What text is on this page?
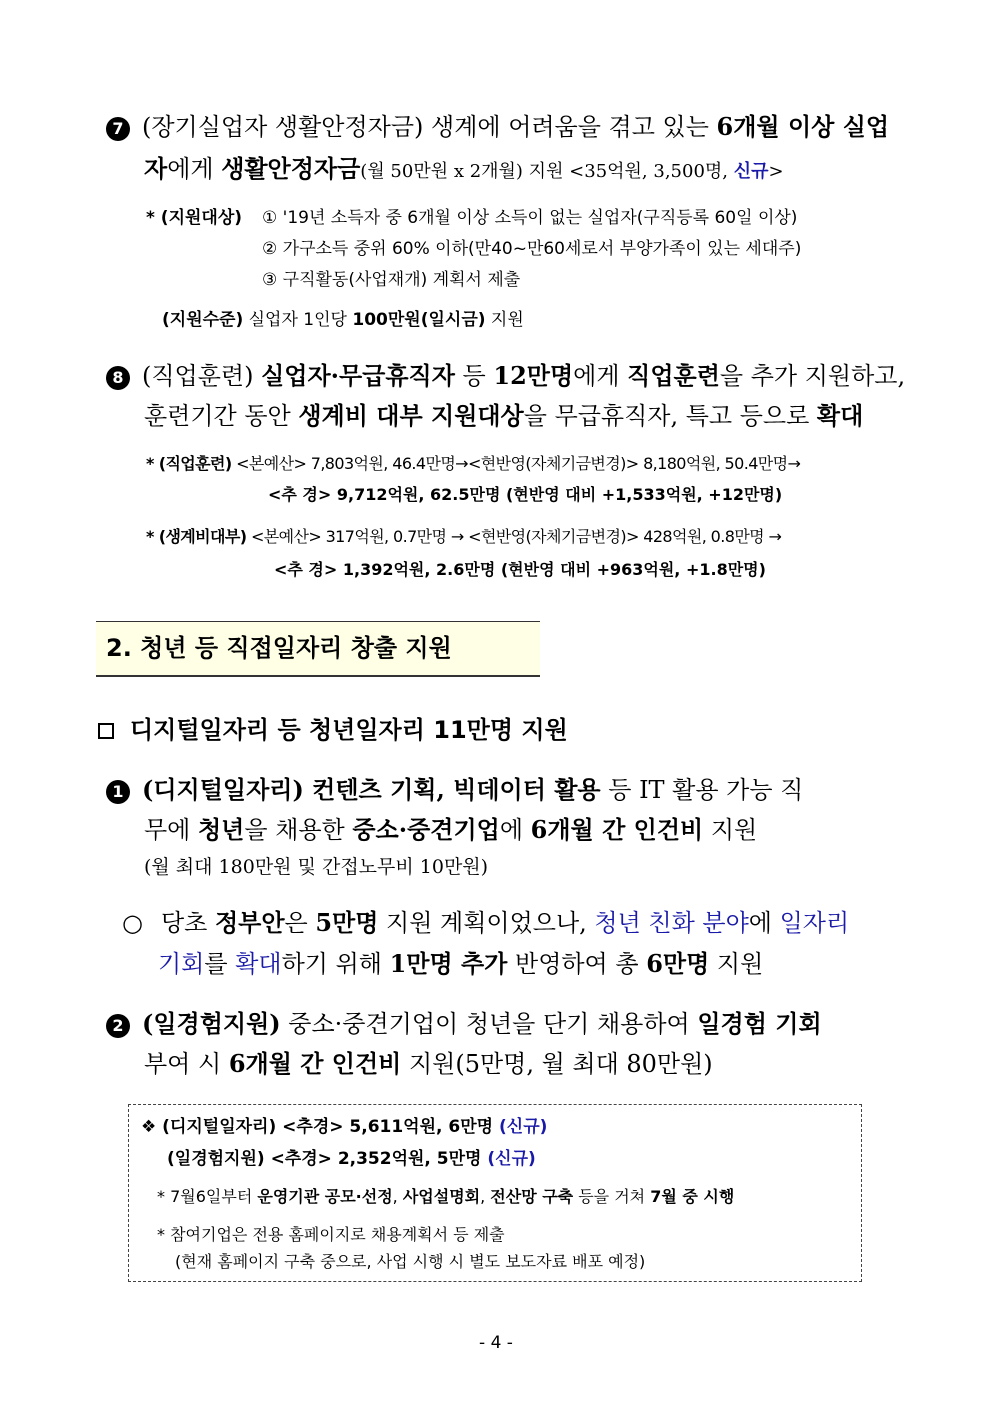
7 (장기실업자 생활안정자금) 생계에 어려움을 겪고 있는 6개월 이상 실업
자에게 생활안정자금(월 50만원 x 2개월) 지원 <35억원, 3,500명, 신규>
* (지원대상) ① '19년 소득자 중 6개월 이상 소득이 없는 실업자(구직등록 60일 이상)
② 가구소득 중위 60% 이하(만40~만60세로서 부양가족이 있는 세대주)
③ 구직활동(사업재개) 계획서 제출
(지원수준) 실업자 1인당 100만원(일시금) 지원
8 (직업훈련) 실업자·무급휴직자 등 12만명에게 직업훈련을 추가 지원하고,
훈련기간 동안 생계비 대부 지원대상을 무급휴직자, 특고 등으로 확대
* (직업훈련) <본예산> 7,803억원, 46.4만명→<현반영(자체기금변경)> 8,180억원, 50.4만명→
<추 경> 9,712억원, 62.5만명 (현반영 대비 +1,533억원, +12만명)
* (생계비대부) <본예산> 317억원, 0.7만명 → <현반영(자체기금변경)> 428억원, 0.8만명 →
<추 경> 1,392억원, 2.6만명 (현반영 대비 +963억원, +1.8만명)
2. 청년 등 직접일자리 창출 지원
디지털일자리 등 청년일자리 11만명 지원
1 (디지털일자리) 컨텐츠 기획, 빅데이터 활용 등 IT 활용 가능 직
무에 청년을 채용한 중소·중견기업에 6개월 간 인건비 지원
(월 최대 180만원 및 간접노무비 10만원)
○ 당초 정부안은 5만명 지원 계획이었으나, 청년 친화 분야에 일자리
기회를 확대하기 위해 1만명 추가 반영하여 총 6만명 지원
2 (일경험지원) 중소·중견기업이 청년을 단기 채용하여 일경험 기회
부여 시 6개월 간 인건비 지원(5만명, 월 최대 80만원)
❖ (디지털일자리) <추경> 5,611억원, 6만명 (신규)
(일경험지원) <추경> 2,352억원, 5만명 (신규)
* 7월6일부터 운영기관 공모·선정, 사업설명회, 전산망 구축 등을 거쳐 7월 중 시행
* 참여기업은 전용 홈페이지로 채용계획서 등 제출
(현재 홈페이지 구축 중으로, 사업 시행 시 별도 보도자료 배포 예정)
- 4 -
